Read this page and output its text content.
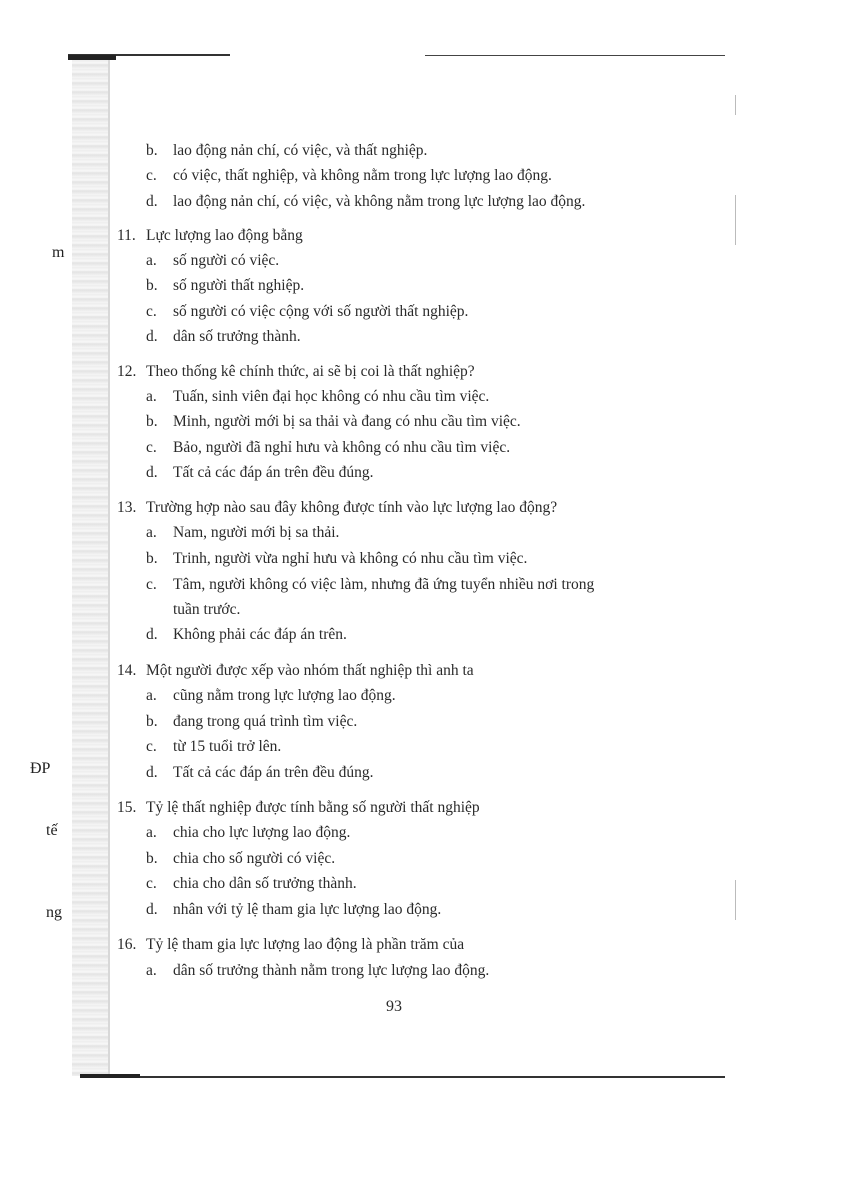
m
ĐP
tế
ng
b. lao động nản chí, có việc, và thất nghiệp.
c. có việc, thất nghiệp, và không nằm trong lực lượng lao động.
d. lao động nản chí, có việc, và không nằm trong lực lượng lao động.
11. Lực lượng lao động bằng
a. số người có việc.
b. số người thất nghiệp.
c. số người có việc cộng với số người thất nghiệp.
d. dân số trưởng thành.
12. Theo thống kê chính thức, ai sẽ bị coi là thất nghiệp?
a. Tuấn, sinh viên đại học không có nhu cầu tìm việc.
b. Minh, người mới bị sa thải và đang có nhu cầu tìm việc.
c. Bảo, người đã nghỉ hưu và không có nhu cầu tìm việc.
d. Tất cả các đáp án trên đều đúng.
13. Trường hợp nào sau đây không được tính vào lực lượng lao động?
a. Nam, người mới bị sa thải.
b. Trinh, người vừa nghỉ hưu và không có nhu cầu tìm việc.
c. Tâm, người không có việc làm, nhưng đã ứng tuyển nhiều nơi trong
tuần trước.
d. Không phải các đáp án trên.
14. Một người được xếp vào nhóm thất nghiệp thì anh ta
a. cũng nằm trong lực lượng lao động.
b. đang trong quá trình tìm việc.
c. từ 15 tuổi trở lên.
d. Tất cả các đáp án trên đều đúng.
15. Tỷ lệ thất nghiệp được tính bằng số người thất nghiệp
a. chia cho lực lượng lao động.
b. chia cho số người có việc.
c. chia cho dân số trưởng thành.
d. nhân với tỷ lệ tham gia lực lượng lao động.
16. Tỷ lệ tham gia lực lượng lao động là phần trăm của
a. dân số trưởng thành nằm trong lực lượng lao động.
93
